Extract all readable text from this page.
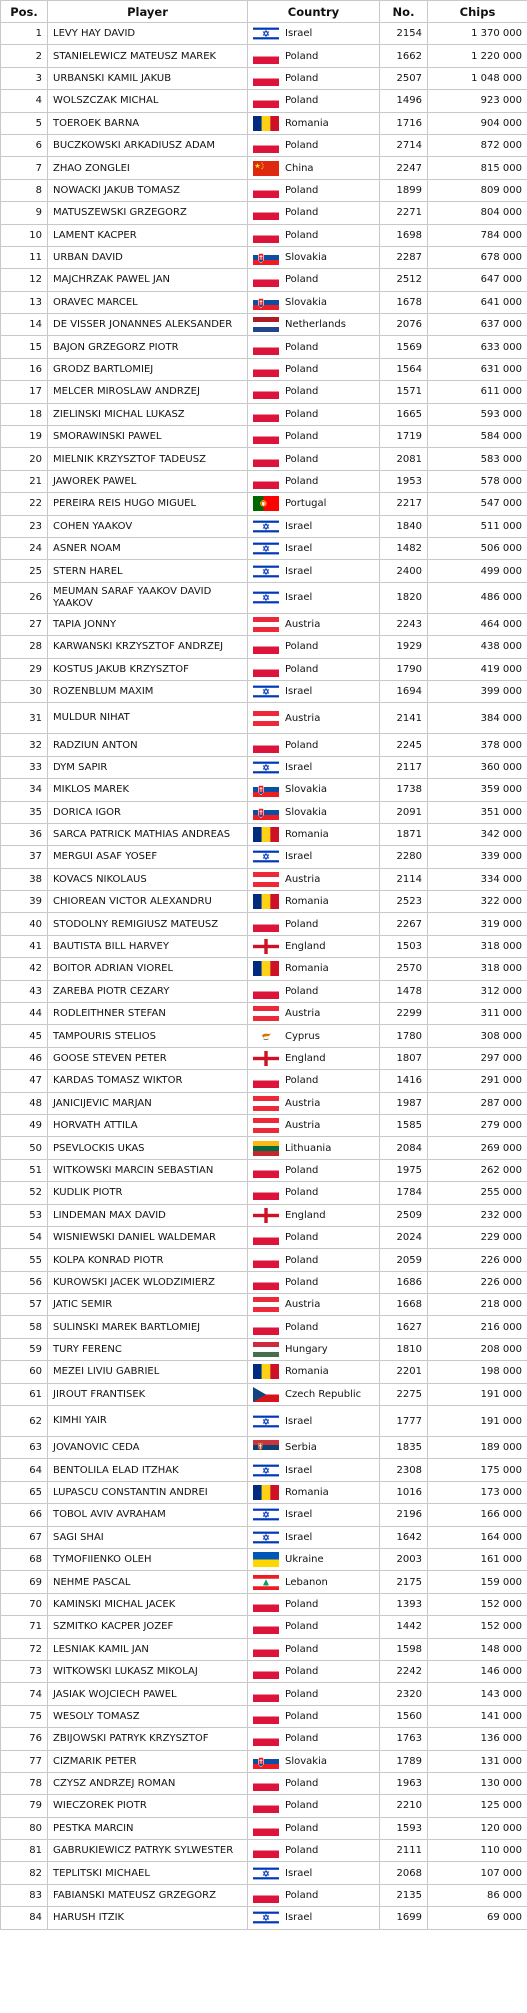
Pos.	Player	Country	No.	Chips
1	LEVY HAY DAVID	Israel	2154	1 370 000
2	STANIELEWICZ MATEUSZ MAREK	Poland	1662	1 220 000
3	URBANSKI KAMIL JAKUB	Poland	2507	1 048 000
4	WOLSZCZAK MICHAL	Poland	1496	923 000
5	TOEROEK BARNA	Romania	1716	904 000
6	BUCZKOWSKI ARKADIUSZ ADAM	Poland	2714	872 000
7	ZHAO ZONGLEI	China	2247	815 000
8	NOWACKI JAKUB TOMASZ	Poland	1899	809 000
9	MATUSZEWSKI GRZEGORZ	Poland	2271	804 000
10	LAMENT KACPER	Poland	1698	784 000
11	URBAN DAVID	Slovakia	2287	678 000
12	MAJCHRZAK PAWEL JAN	Poland	2512	647 000
13	ORAVEC MARCEL	Slovakia	1678	641 000
14	DE VISSER JONANNES ALEKSANDER	Netherlands	2076	637 000
15	BAJON GRZEGORZ PIOTR	Poland	1569	633 000
16	GRODZ BARTLOMIEJ	Poland	1564	631 000
17	MELCER MIROSLAW ANDRZEJ	Poland	1571	611 000
18	ZIELINSKI MICHAL LUKASZ	Poland	1665	593 000
19	SMORAWINSKI PAWEL	Poland	1719	584 000
20	MIELNIK KRZYSZTOF TADEUSZ	Poland	2081	583 000
21	JAWOREK PAWEL	Poland	1953	578 000
22	PEREIRA REIS HUGO MIGUEL	Portugal	2217	547 000
23	COHEN YAAKOV	Israel	1840	511 000
24	ASNER NOAM	Israel	1482	506 000
25	STERN HAREL	Israel	2400	499 000
26	MEUMAN SARAF YAAKOV DAVID YAAKOV	Israel	1820	486 000
27	TAPIA JONNY	Austria	2243	464 000
28	KARWANSKI KRZYSZTOF ANDRZEJ	Poland	1929	438 000
29	KOSTUS JAKUB KRZYSZTOF	Poland	1790	419 000
30	ROZENBLUM MAXIM	Israel	1694	399 000
31	MULDUR NIHAT	Austria	2141	384 000
32	RADZIUN ANTON	Poland	2245	378 000
33	DYM SAPIR	Israel	2117	360 000
34	MIKLOS MAREK	Slovakia	1738	359 000
35	DORICA IGOR	Slovakia	2091	351 000
36	SARCA PATRICK MATHIAS ANDREAS	Romania	1871	342 000
37	MERGUI ASAF YOSEF	Israel	2280	339 000
38	KOVACS NIKOLAUS	Austria	2114	334 000
39	CHIOREAN VICTOR ALEXANDRU	Romania	2523	322 000
40	STODOLNY REMIGIUSZ MATEUSZ	Poland	2267	319 000
41	BAUTISTA BILL HARVEY	England	1503	318 000
42	BOITOR ADRIAN VIOREL	Romania	2570	318 000
43	ZAREBA PIOTR CEZARY	Poland	1478	312 000
44	RODLEITHNER STEFAN	Austria	2299	311 000
45	TAMPOURIS STELIOS	Cyprus	1780	308 000
46	GOOSE STEVEN PETER	England	1807	297 000
47	KARDAS TOMASZ WIKTOR	Poland	1416	291 000
48	JANICIJEVIC MARJAN	Austria	1987	287 000
49	HORVATH ATTILA	Austria	1585	279 000
50	PSEVLOCKIS UKAS	Lithuania	2084	269 000
51	WITKOWSKI MARCIN SEBASTIAN	Poland	1975	262 000
52	KUDLIK PIOTR	Poland	1784	255 000
53	LINDEMAN MAX DAVID	England	2509	232 000
54	WISNIEWSKI DANIEL WALDEMAR	Poland	2024	229 000
55	KOLPA KONRAD PIOTR	Poland	2059	226 000
56	KUROWSKI JACEK WLODZIMIERZ	Poland	1686	226 000
57	JATIC SEMIR	Austria	1668	218 000
58	SULINSKI MAREK BARTLOMIEJ	Poland	1627	216 000
59	TURY FERENC	Hungary	1810	208 000
60	MEZEI LIVIU GABRIEL	Romania	2201	198 000
61	JIROUT FRANTISEK	Czech Republic	2275	191 000
62	KIMHI YAIR	Israel	1777	191 000
63	JOVANOVIC CEDA	Serbia	1835	189 000
64	BENTOLILA ELAD ITZHAK	Israel	2308	175 000
65	LUPASCU CONSTANTIN ANDREI	Romania	1016	173 000
66	TOBOL AVIV AVRAHAM	Israel	2196	166 000
67	SAGI SHAI	Israel	1642	164 000
68	TYMOFIIENKO OLEH	Ukraine	2003	161 000
69	NEHME PASCAL	Lebanon	2175	159 000
70	KAMINSKI MICHAL JACEK	Poland	1393	152 000
71	SZMITKO KACPER JOZEF	Poland	1442	152 000
72	LESNIAK KAMIL JAN	Poland	1598	148 000
73	WITKOWSKI LUKASZ MIKOLAJ	Poland	2242	146 000
74	JASIAK WOJCIECH PAWEL	Poland	2320	143 000
75	WESOLY TOMASZ	Poland	1560	141 000
76	ZBIJOWSKI PATRYK KRZYSZTOF	Poland	1763	136 000
77	CIZMARIK PETER	Slovakia	1789	131 000
78	CZYSZ ANDRZEJ ROMAN	Poland	1963	130 000
79	WIECZOREK PIOTR	Poland	2210	125 000
80	PESTKA MARCIN	Poland	1593	120 000
81	GABRUKIEWICZ PATRYK SYLWESTER	Poland	2111	110 000
82	TEPLITSKI MICHAEL	Israel	2068	107 000
83	FABIANSKI MATEUSZ GRZEGORZ	Poland	2135	86 000
84	HARUSH ITZIK	Israel	1699	69 000
